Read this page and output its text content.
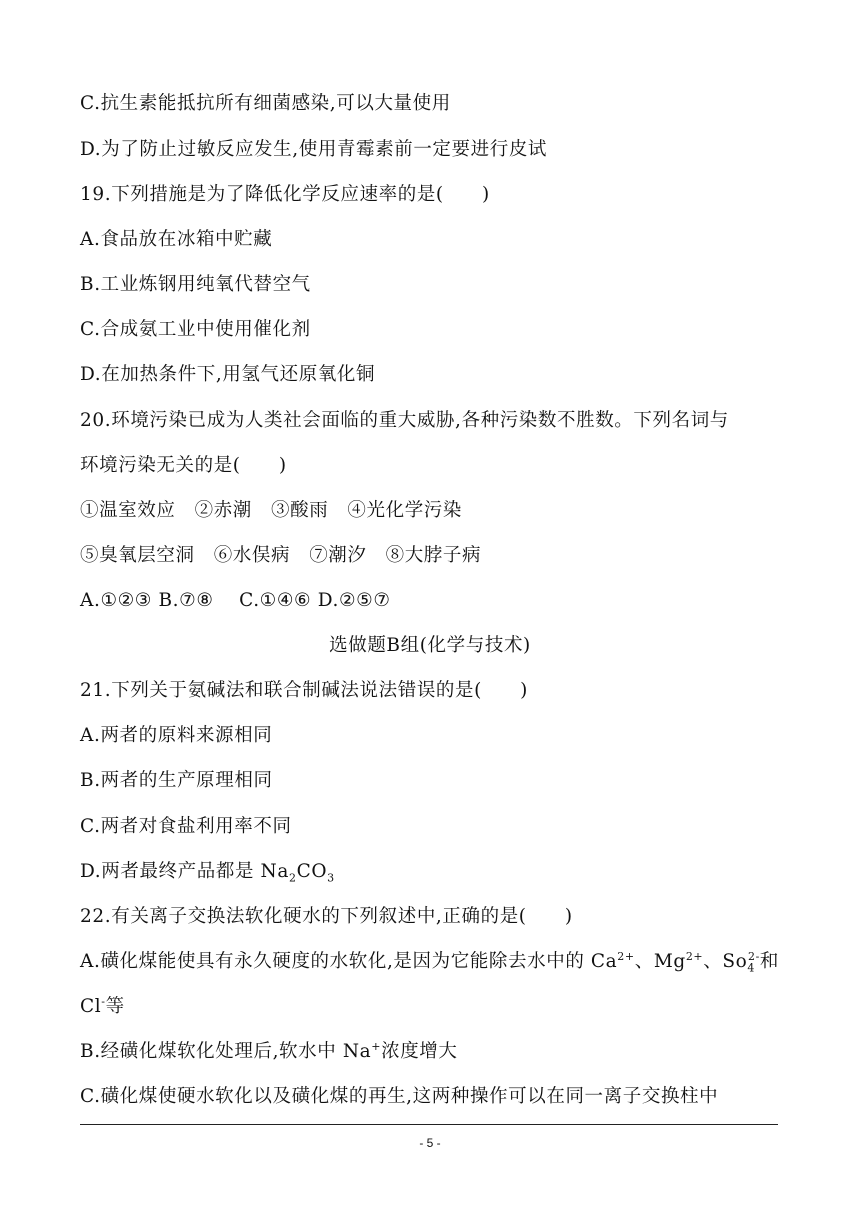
C.抗生素能抵抗所有细菌感染,可以大量使用
D.为了防止过敏反应发生,使用青霉素前一定要进行皮试
19.下列措施是为了降低化学反应速率的是(　　)
A.食品放在冰箱中贮藏
B.工业炼钢用纯氧代替空气
C.合成氨工业中使用催化剂
D.在加热条件下,用氢气还原氧化铜
20.环境污染已成为人类社会面临的重大威胁,各种污染数不胜数。下列名词与
环境污染无关的是(　　)
①温室效应　②赤潮　③酸雨　④光化学污染
⑤臭氧层空洞　⑥水俣病　⑦潮汐　⑧大脖子病
A.①②③ B.⑦⑧　 C.①④⑥ D.②⑤⑦
选做题B组(化学与技术)
21.下列关于氨碱法和联合制碱法说法错误的是(　　)
A.两者的原料来源相同
B.两者的生产原理相同
C.两者对食盐利用率不同
D.两者最终产品都是 $Na_2CO_3$
22.有关离子交换法软化硬水的下列叙述中,正确的是(　　)
A.磺化煤能使具有永久硬度的水软化,是因为它能除去水中的 $Ca^{2+}$、$Mg^{2+}$、$So_4^{2-}$和
Cl-等
B.经磺化煤软化处理后,软水中 Na+浓度增大
C.磺化煤使硬水软化以及磺化煤的再生,这两种操作可以在同一离子交换柱中
- 5 -
